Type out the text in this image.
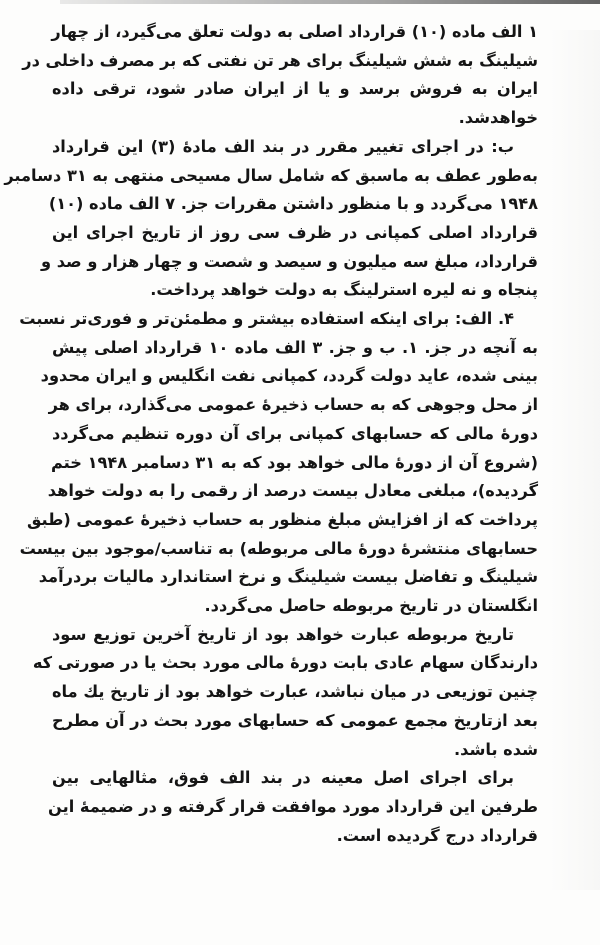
۱ الف ماده (۱۰) قرارداد اصلی به دولت تعلق می‌گیرد، از چهار
شیلینگ به شش شیلینگ برای هر تن نفتی که بر مصرف داخلی در
ایران به فروش برسد و یا از ایران صادر شود، ترقی داده
خواهدشد.

ب: در اجرای تغییر مقرر در بند الف مادهٔ (۳) این قرارداد
به‌طور عطف به ماسبق که شامل سال مسیحی منتهی به ۳۱ دسامبر
۱۹۴۸ می‌گردد و با منظور داشتن مقررات جز. ۷ الف ماده (۱۰)
قرارداد اصلی کمپانی در ظرف سی روز از تاریخ اجرای این
قرارداد، مبلغ سه میلیون و سیصد و شصت و چهار هزار و صد و
پنجاه و نه لیره استرلینگ به دولت خواهد پرداخت.

۴. الف: برای اینکه استفاده بیشتر و مطمئن‌تر و فوری‌تر نسبت
به آنچه در جز. ۱. ب و جز. ۳ الف ماده ۱۰ قرارداد اصلی پیش
بینی شده، عاید دولت گردد، کمپانی نفت انگلیس و ایران محدود
از محل وجوهی که به حساب ذخیرهٔ عمومی می‌گذارد، برای هر
دورهٔ مالی که حسابهای کمپانی برای آن دوره تنظیم می‌گردد
(شروع آن از دورهٔ مالی خواهد بود که به ۳۱ دسامبر ۱۹۴۸ ختم
گردیده)، مبلغی معادل بیست درصد از رقمی را به دولت خواهد
پرداخت که از افزایش مبلغ منظور به حساب ذخیرهٔ عمومی (طبق
حسابهای منتشرهٔ دورهٔ مالی مربوطه) به تناسب/موجود بین بیست
شیلینگ و تفاضل بیست شیلینگ و نرخ استاندارد مالیات بردرآمد
انگلستان در تاریخ مربوطه حاصل می‌گردد.

تاریخ مربوطه عبارت خواهد بود از تاریخ آخرین توزیع سود
دارندگان سهام عادی بابت دورهٔ مالی مورد بحث یا در صورتی که
چنین توزیعی در میان نباشد، عبارت خواهد بود از تاریخ یك ماه
بعد ازتاریخ مجمع عمومی که حسابهای مورد بحث در آن مطرح
شده باشد.

برای اجرای اصل معینه در بند الف فوق، مثالهایی بین
طرفین این قرارداد مورد موافقت قرار گرفته و در ضمیمهٔ این
قرارداد درج گردیده است.
